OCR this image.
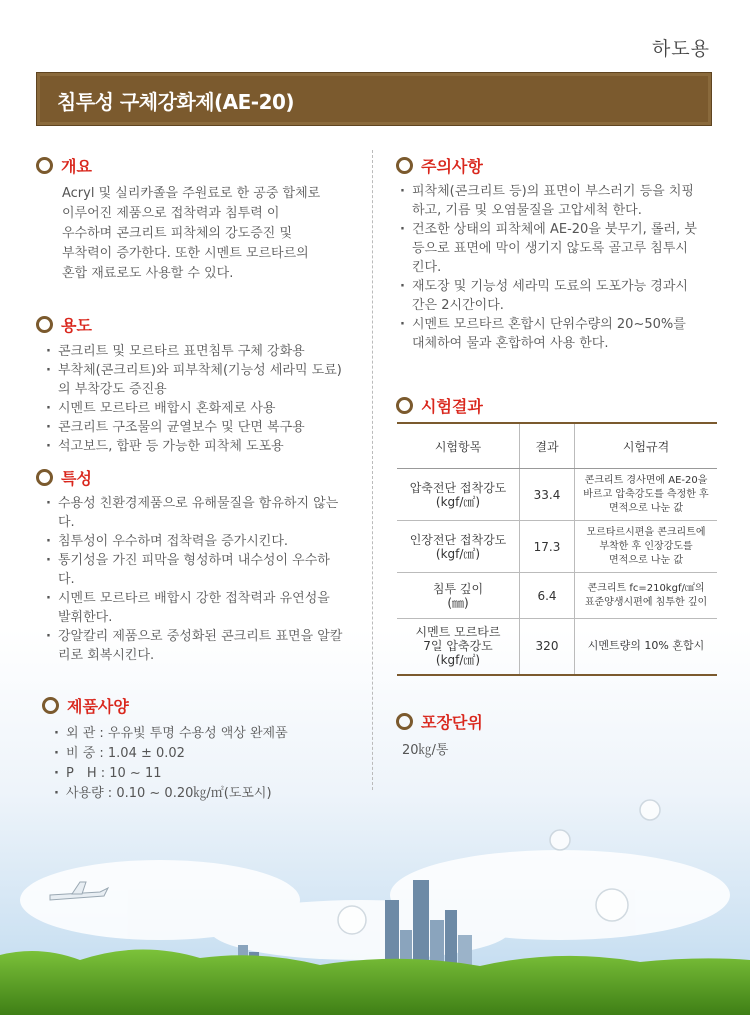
하도용
침투성 구체강화제(AE-20)
개요
Acryl 및 실리카졸을 주원료로 한 공중 합체로
이루어진 제품으로 접착력과 침투력 이
우수하며 콘크리트 피착체의 강도증진 및
부착력이 증가한다. 또한 시멘트 모르타르의
혼합 재료로도 사용할 수 있다.
용도
· 콘크리트 및 모르타르 표면침투 구체 강화용
· 부착체(콘크리트)와 피부착체(기능성 세라믹 도료)의 부착강도 증진용
· 시멘트 모르타르 배합시 혼화제로 사용
· 콘크리트 구조물의 균열보수 및 단면 복구용
· 석고보드, 합판 등 가능한 피착체 도포용
특성
· 수용성 친환경제품으로 유해물질을 함유하지 않는다.
· 침투성이 우수하며 접착력을 증가시킨다.
· 통기성을 가진 피막을 형성하며 내수성이 우수하다.
· 시멘트 모르타르 배합시 강한 접착력과 유연성을 발휘한다.
· 강알칼리 제품으로 중성화된 콘크리트 표면을 알칼리로 회복시킨다.
제품사양
· 외 관 : 우유빛 투명 수용성 액상 완제품
· 비 중 : 1.04 ± 0.02
· P　H : 10 ~ 11
· 사용량 : 0.10 ~ 0.20㎏/㎡(도포시)
주의사항
· 피착체(콘크리트 등)의 표면이 부스러기 등을 치핑하고, 기름 및 오염물질을 고압세척 한다.
· 건조한 상태의 피착체에 AE-20을 붓무기, 롤러, 붓 등으로 표면에 막이 생기지 않도록 골고루 침투시킨다.
· 재도장 및 기능성 세라믹 도료의 도포가능 경과시간은 2시간이다.
· 시멘트 모르타르 혼합시 단위수량의 20~50%를 대체하여 물과 혼합하여 사용 한다.
시험결과
시험항목	결과	시험규격
압축전단 접착강도
(kgf/㎠)	33.4	콘크리트 경사면에 AE-20을
바르고 압축강도를 측정한 후
면적으로 나눈 값
인장전단 접착강도
(kgf/㎠)	17.3	모르타르시편을 콘크리트에
부착한 후 인장강도를
면적으로 나눈 값
침투 깊이
(㎜)	6.4	콘크리트 fc=210kgf/㎠의
표준양생시편에 침투한 깊이
시멘트 모르타르
7일 압축강도
(kgf/㎠)	320	시멘트량의 10% 혼합시
포장단위
20㎏/통
